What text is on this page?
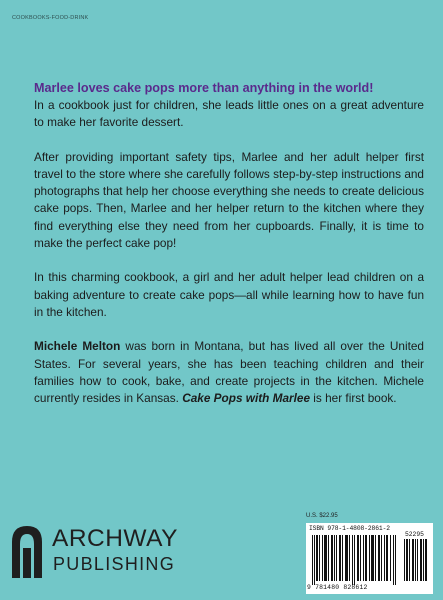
COOKBOOKS-FOOD-DRINK

Marlee loves cake pops more than anything in the world!

In a cookbook just for children, she leads little ones on a great adventure to make her favorite dessert.

After providing important safety tips, Marlee and her adult helper first travel to the store where she carefully follows step-by-step instructions and photographs that help her choose everything she needs to create delicious cake pops. Then, Marlee and her helper return to the kitchen where they find everything else they need from her cupboards. Finally, it is time to make the perfect cake pop!

In this charming cookbook, a girl and her adult helper lead children on a baking adventure to create cake pops—all while learning how to have fun in the kitchen.

Michele Melton was born in Montana, but has lived all over the United States. For several years, she has been teaching children and their families how to cook, bake, and create projects in the kitchen. Michele currently resides in Kansas. Cake Pops with Marlee is her first book.

ARCHWAY
PUBLISHING
U.S. $22.95
ISBN 978-1-4808-2861-2
52295
9 781480 828612
